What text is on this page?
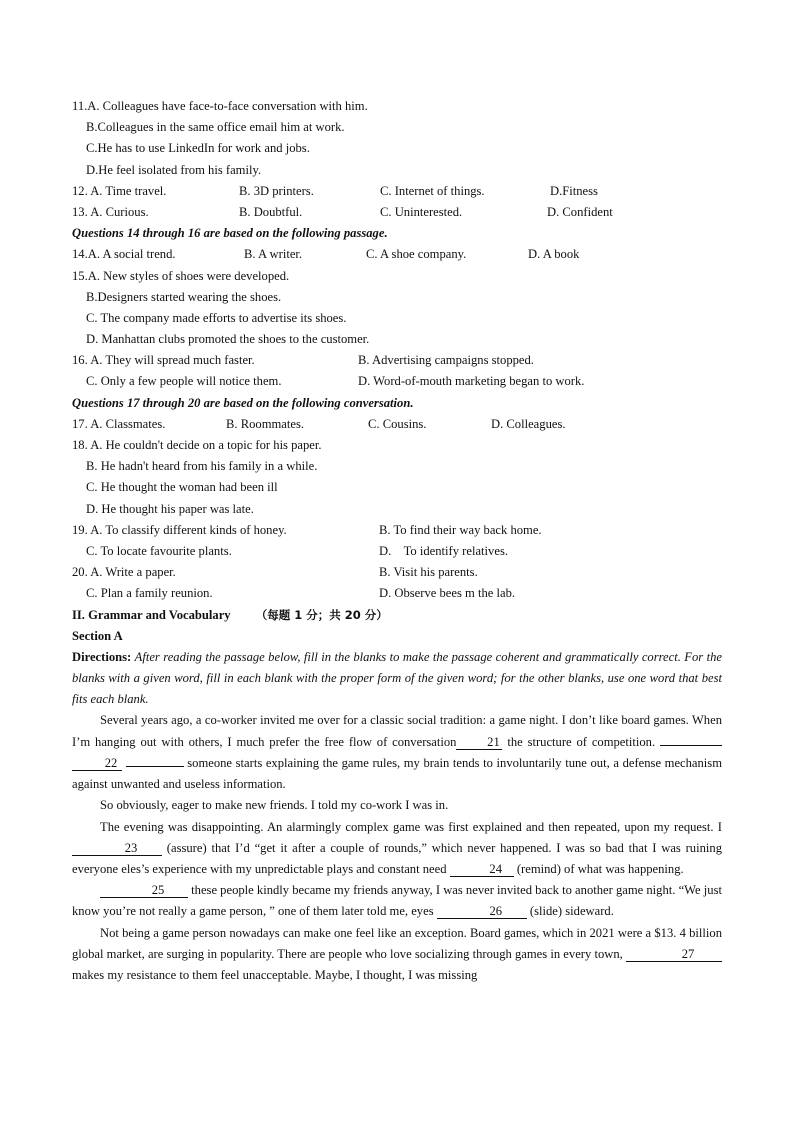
11.A. Colleagues have face-to-face conversation with him.
B.Colleagues in the same office email him at work.
C.He has to use LinkedIn for work and jobs.
D.He feel isolated from his family.
12. A. Time travel.	B. 3D printers.	C. Internet of things.	D.Fitness
13. A. Curious.	B. Doubtful.	C. Uninterested.	D. Confident
Questions 14 through 16 are based on the following passage.
14.A. A social trend.	B. A writer.	C. A shoe company.	D. A book
15.A. New styles of shoes were developed.
B.Designers started wearing the shoes.
C. The company made efforts to advertise its shoes.
D. Manhattan clubs promoted the shoes to the customer.
16. A. They will spread much faster.	B. Advertising campaigns stopped.
C. Only a few people will notice them.	D. Word-of-mouth marketing began to work.
Questions 17 through 20 are based on the following conversation.
17. A. Classmates.	B. Roommates.	C. Cousins.	D. Colleagues.
18. A. He couldn't decide on a topic for his paper.
B. He hadn't heard from his family in a while.
C. He thought the woman had been ill
D. He thought his paper was late.
19. A. To classify different kinds of honey.	B. To find their way back home.
C. To locate favourite plants.	D.    To identify relatives.
20. A. Write a paper.	B. Visit his parents.
C. Plan a family reunion.	D. Observe bees m the lab.
II. Grammar and Vocabulary （每题 1 分；共 20 分）
Section A

Directions: After reading the passage below, fill in the blanks to make the passage coherent and grammatically correct. For the blanks with a given word, fill in each blank with the proper form of the given word; for the other blanks, use one word that best fits each blank.

Several years ago, a co-worker invited me over for a classic social tradition: a game night. I don’t like board games. When I’m hanging out with others, I much prefer the free flow of conversation 21 the structure of competition.  22	someone starts explaining the game rules, my brain tends to involuntarily tune out, a defense mechanism against unwanted and useless information.

So obviously, eager to make new friends. I told my co-work I was in.

The evening was disappointing. An alarmingly complex game was first explained and then repeated, upon my request. I 23 (assure) that I’d “get it after a couple of rounds,” which never happened. I was so bad that I was ruining everyone eles’s experience with my unpredictable plays and constant need	24 (remind) of what was happening.

25 these people kindly became my friends anyway, I was never invited back to another game night. “We just know you’re not really a game person, ” one of them later told me, eyes	26 (slide) sideward.

Not being a game person nowadays can make one feel like an exception. Board games, which in 2021 were a $13. 4 billion global market, are surging in popularity. There are people who love socializing through games in every town,	27 makes my resistance to them feel unacceptable. Maybe, I thought, I was missing
